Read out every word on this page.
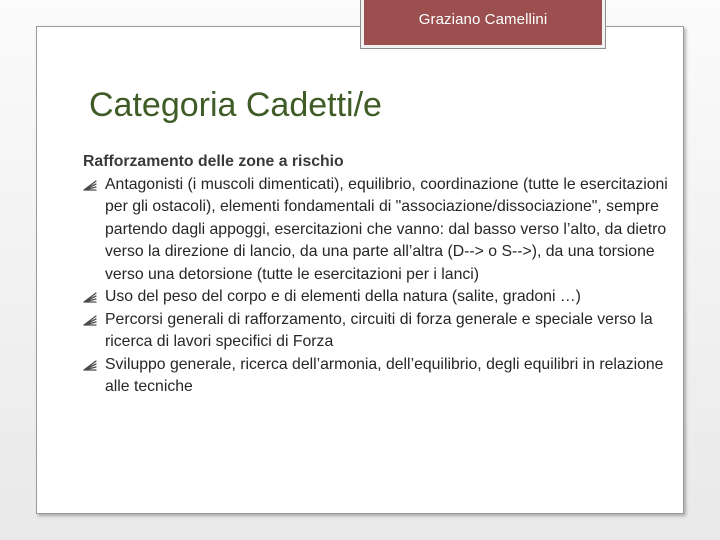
Graziano Camellini
Categoria Cadetti/e
Rafforzamento delle zone a rischio
Antagonisti (i muscoli dimenticati), equilibrio, coordinazione (tutte le esercitazioni per gli ostacoli), elementi fondamentali di "associazione/dissociazione", sempre partendo dagli appoggi, esercitazioni che vanno: dal basso verso l’alto, da dietro verso la direzione di lancio, da una parte all’altra (D--> o S-->), da una torsione verso una detorsione (tutte le esercitazioni per i lanci)
Uso del peso del corpo e di elementi della natura (salite, gradoni …)
Percorsi generali di rafforzamento, circuiti di forza generale e speciale verso la ricerca di lavori specifici di Forza
Sviluppo generale, ricerca dell’armonia, dell’equilibrio, degli equilibri in relazione alle tecniche
